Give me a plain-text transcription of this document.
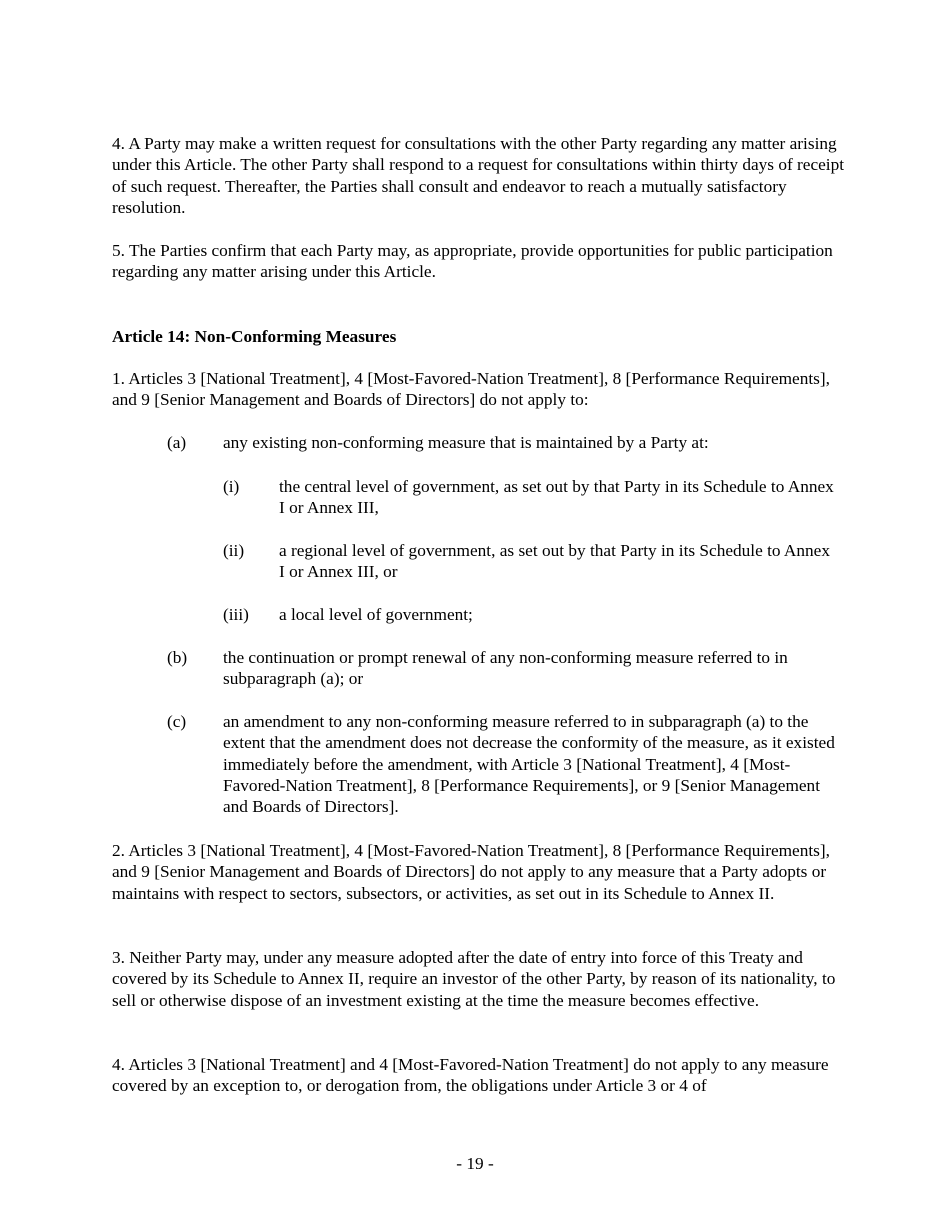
4. A Party may make a written request for consultations with the other Party regarding any matter arising under this Article. The other Party shall respond to a request for consultations within thirty days of receipt of such request. Thereafter, the Parties shall consult and endeavor to reach a mutually satisfactory resolution.

5. The Parties confirm that each Party may, as appropriate, provide opportunities for public participation regarding any matter arising under this Article.

Article 14: Non-Conforming Measures

1. Articles 3 [National Treatment], 4 [Most-Favored-Nation Treatment], 8 [Performance Requirements], and 9 [Senior Management and Boards of Directors] do not apply to:

(a) any existing non-conforming measure that is maintained by a Party at:

(i) the central level of government, as set out by that Party in its Schedule to Annex I or Annex III,

(ii) a regional level of government, as set out by that Party in its Schedule to Annex I or Annex III, or

(iii) a local level of government;

(b) the continuation or prompt renewal of any non-conforming measure referred to in subparagraph (a); or

(c) an amendment to any non-conforming measure referred to in subparagraph (a) to the extent that the amendment does not decrease the conformity of the measure, as it existed immediately before the amendment, with Article 3 [National Treatment], 4 [Most-Favored-Nation Treatment], 8 [Performance Requirements], or 9 [Senior Management and Boards of Directors].

2. Articles 3 [National Treatment], 4 [Most-Favored-Nation Treatment], 8 [Performance Requirements], and 9 [Senior Management and Boards of Directors] do not apply to any measure that a Party adopts or maintains with respect to sectors, subsectors, or activities, as set out in its Schedule to Annex II.

3. Neither Party may, under any measure adopted after the date of entry into force of this Treaty and covered by its Schedule to Annex II, require an investor of the other Party, by reason of its nationality, to sell or otherwise dispose of an investment existing at the time the measure becomes effective.

4. Articles 3 [National Treatment] and 4 [Most-Favored-Nation Treatment] do not apply to any measure covered by an exception to, or derogation from, the obligations under Article 3 or 4 of

- 19 -
